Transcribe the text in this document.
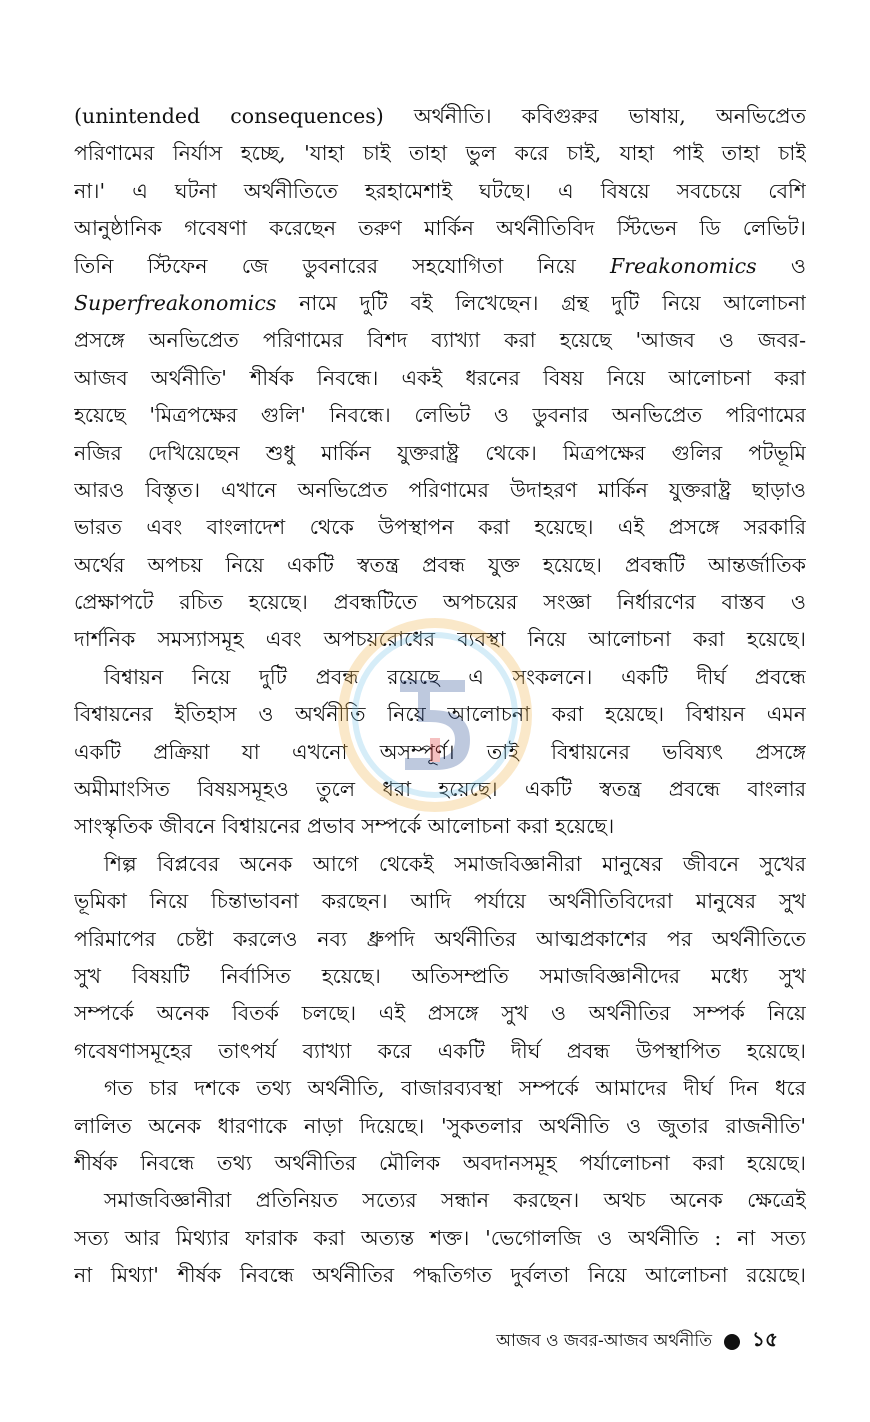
(unintended consequences) অর্থনীতি। কবিগুরুর ভাষায়, অনভিপ্রেত
পরিণামের নির্যাস হচ্ছে, 'যাহা চাই তাহা ভুল করে চাই, যাহা পাই তাহা চাই
না।' এ ঘটনা অর্থনীতিতে হরহামেশাই ঘটছে। এ বিষয়ে সবচেয়ে বেশি
আনুষ্ঠানিক গবেষণা করেছেন তরুণ মার্কিন অর্থনীতিবিদ স্টিভেন ডি লেভিট।
তিনি স্টিফেন জে ডুবনারের সহযোগিতা নিয়ে Freakonomics ও
Superfreakonomics নামে দুটি বই লিখেছেন। গ্রন্থ দুটি নিয়ে আলোচনা
প্রসঙ্গে অনভিপ্রেত পরিণামের বিশদ ব্যাখ্যা করা হয়েছে 'আজব ও জবর-
আজব অর্থনীতি' শীর্ষক নিবন্ধে। একই ধরনের বিষয় নিয়ে আলোচনা করা
হয়েছে 'মিত্রপক্ষের গুলি' নিবন্ধে। লেভিট ও ডুবনার অনভিপ্রেত পরিণামের
নজির দেখিয়েছেন শুধু মার্কিন যুক্তরাষ্ট্র থেকে। মিত্রপক্ষের গুলির পটভূমি
আরও বিস্তৃত। এখানে অনভিপ্রেত পরিণামের উদাহরণ মার্কিন যুক্তরাষ্ট্র ছাড়াও
ভারত এবং বাংলাদেশ থেকে উপস্থাপন করা হয়েছে। এই প্রসঙ্গে সরকারি
অর্থের অপচয় নিয়ে একটি স্বতন্ত্র প্রবন্ধ যুক্ত হয়েছে। প্রবন্ধটি আন্তর্জাতিক
প্রেক্ষাপটে রচিত হয়েছে। প্রবন্ধটিতে অপচয়ের সংজ্ঞা নির্ধারণের বাস্তব ও
দার্শনিক সমস্যাসমূহ এবং অপচয়রোধের ব্যবস্থা নিয়ে আলোচনা করা হয়েছে।
বিশ্বায়ন নিয়ে দুটি প্রবন্ধ রয়েছে এ সংকলনে। একটি দীর্ঘ প্রবন্ধে
বিশ্বায়নের ইতিহাস ও অর্থনীতি নিয়ে আলোচনা করা হয়েছে। বিশ্বায়ন এমন
একটি প্রক্রিয়া যা এখনো অসম্পূর্ণ। তাই বিশ্বায়নের ভবিষ্যৎ প্রসঙ্গে
অমীমাংসিত বিষয়সমূহও তুলে ধরা হয়েছে। একটি স্বতন্ত্র প্রবন্ধে বাংলার
সাংস্কৃতিক জীবনে বিশ্বায়নের প্রভাব সম্পর্কে আলোচনা করা হয়েছে।
শিল্প বিপ্লবের অনেক আগে থেকেই সমাজবিজ্ঞানীরা মানুষের জীবনে সুখের
ভূমিকা নিয়ে চিন্তাভাবনা করছেন। আদি পর্যায়ে অর্থনীতিবিদেরা মানুষের সুখ
পরিমাপের চেষ্টা করলেও নব্য ধ্রুপদি অর্থনীতির আত্মপ্রকাশের পর অর্থনীতিতে
সুখ বিষয়টি নির্বাসিত হয়েছে। অতিসম্প্রতি সমাজবিজ্ঞানীদের মধ্যে সুখ
সম্পর্কে অনেক বিতর্ক চলছে। এই প্রসঙ্গে সুখ ও অর্থনীতির সম্পর্ক নিয়ে
গবেষণাসমূহের তাৎপর্য ব্যাখ্যা করে একটি দীর্ঘ প্রবন্ধ উপস্থাপিত হয়েছে।
গত চার দশকে তথ্য অর্থনীতি, বাজারব্যবস্থা সম্পর্কে আমাদের দীর্ঘ দিন ধরে
লালিত অনেক ধারণাকে নাড়া দিয়েছে। 'সুকতলার অর্থনীতি ও জুতার রাজনীতি'
শীর্ষক নিবন্ধে তথ্য অর্থনীতির মৌলিক অবদানসমূহ পর্যালোচনা করা হয়েছে।
সমাজবিজ্ঞানীরা প্রতিনিয়ত সত্যের সন্ধান করছেন। অথচ অনেক ক্ষেত্রেই
সত্য আর মিথ্যার ফারাক করা অত্যন্ত শক্ত। 'ভেগোলজি ও অর্থনীতি : না সত্য
না মিথ্যা' শীর্ষক নিবন্ধে অর্থনীতির পদ্ধতিগত দুর্বলতা নিয়ে আলোচনা রয়েছে।
আজব ও জবর-আজব অর্থনীতি ১৫
